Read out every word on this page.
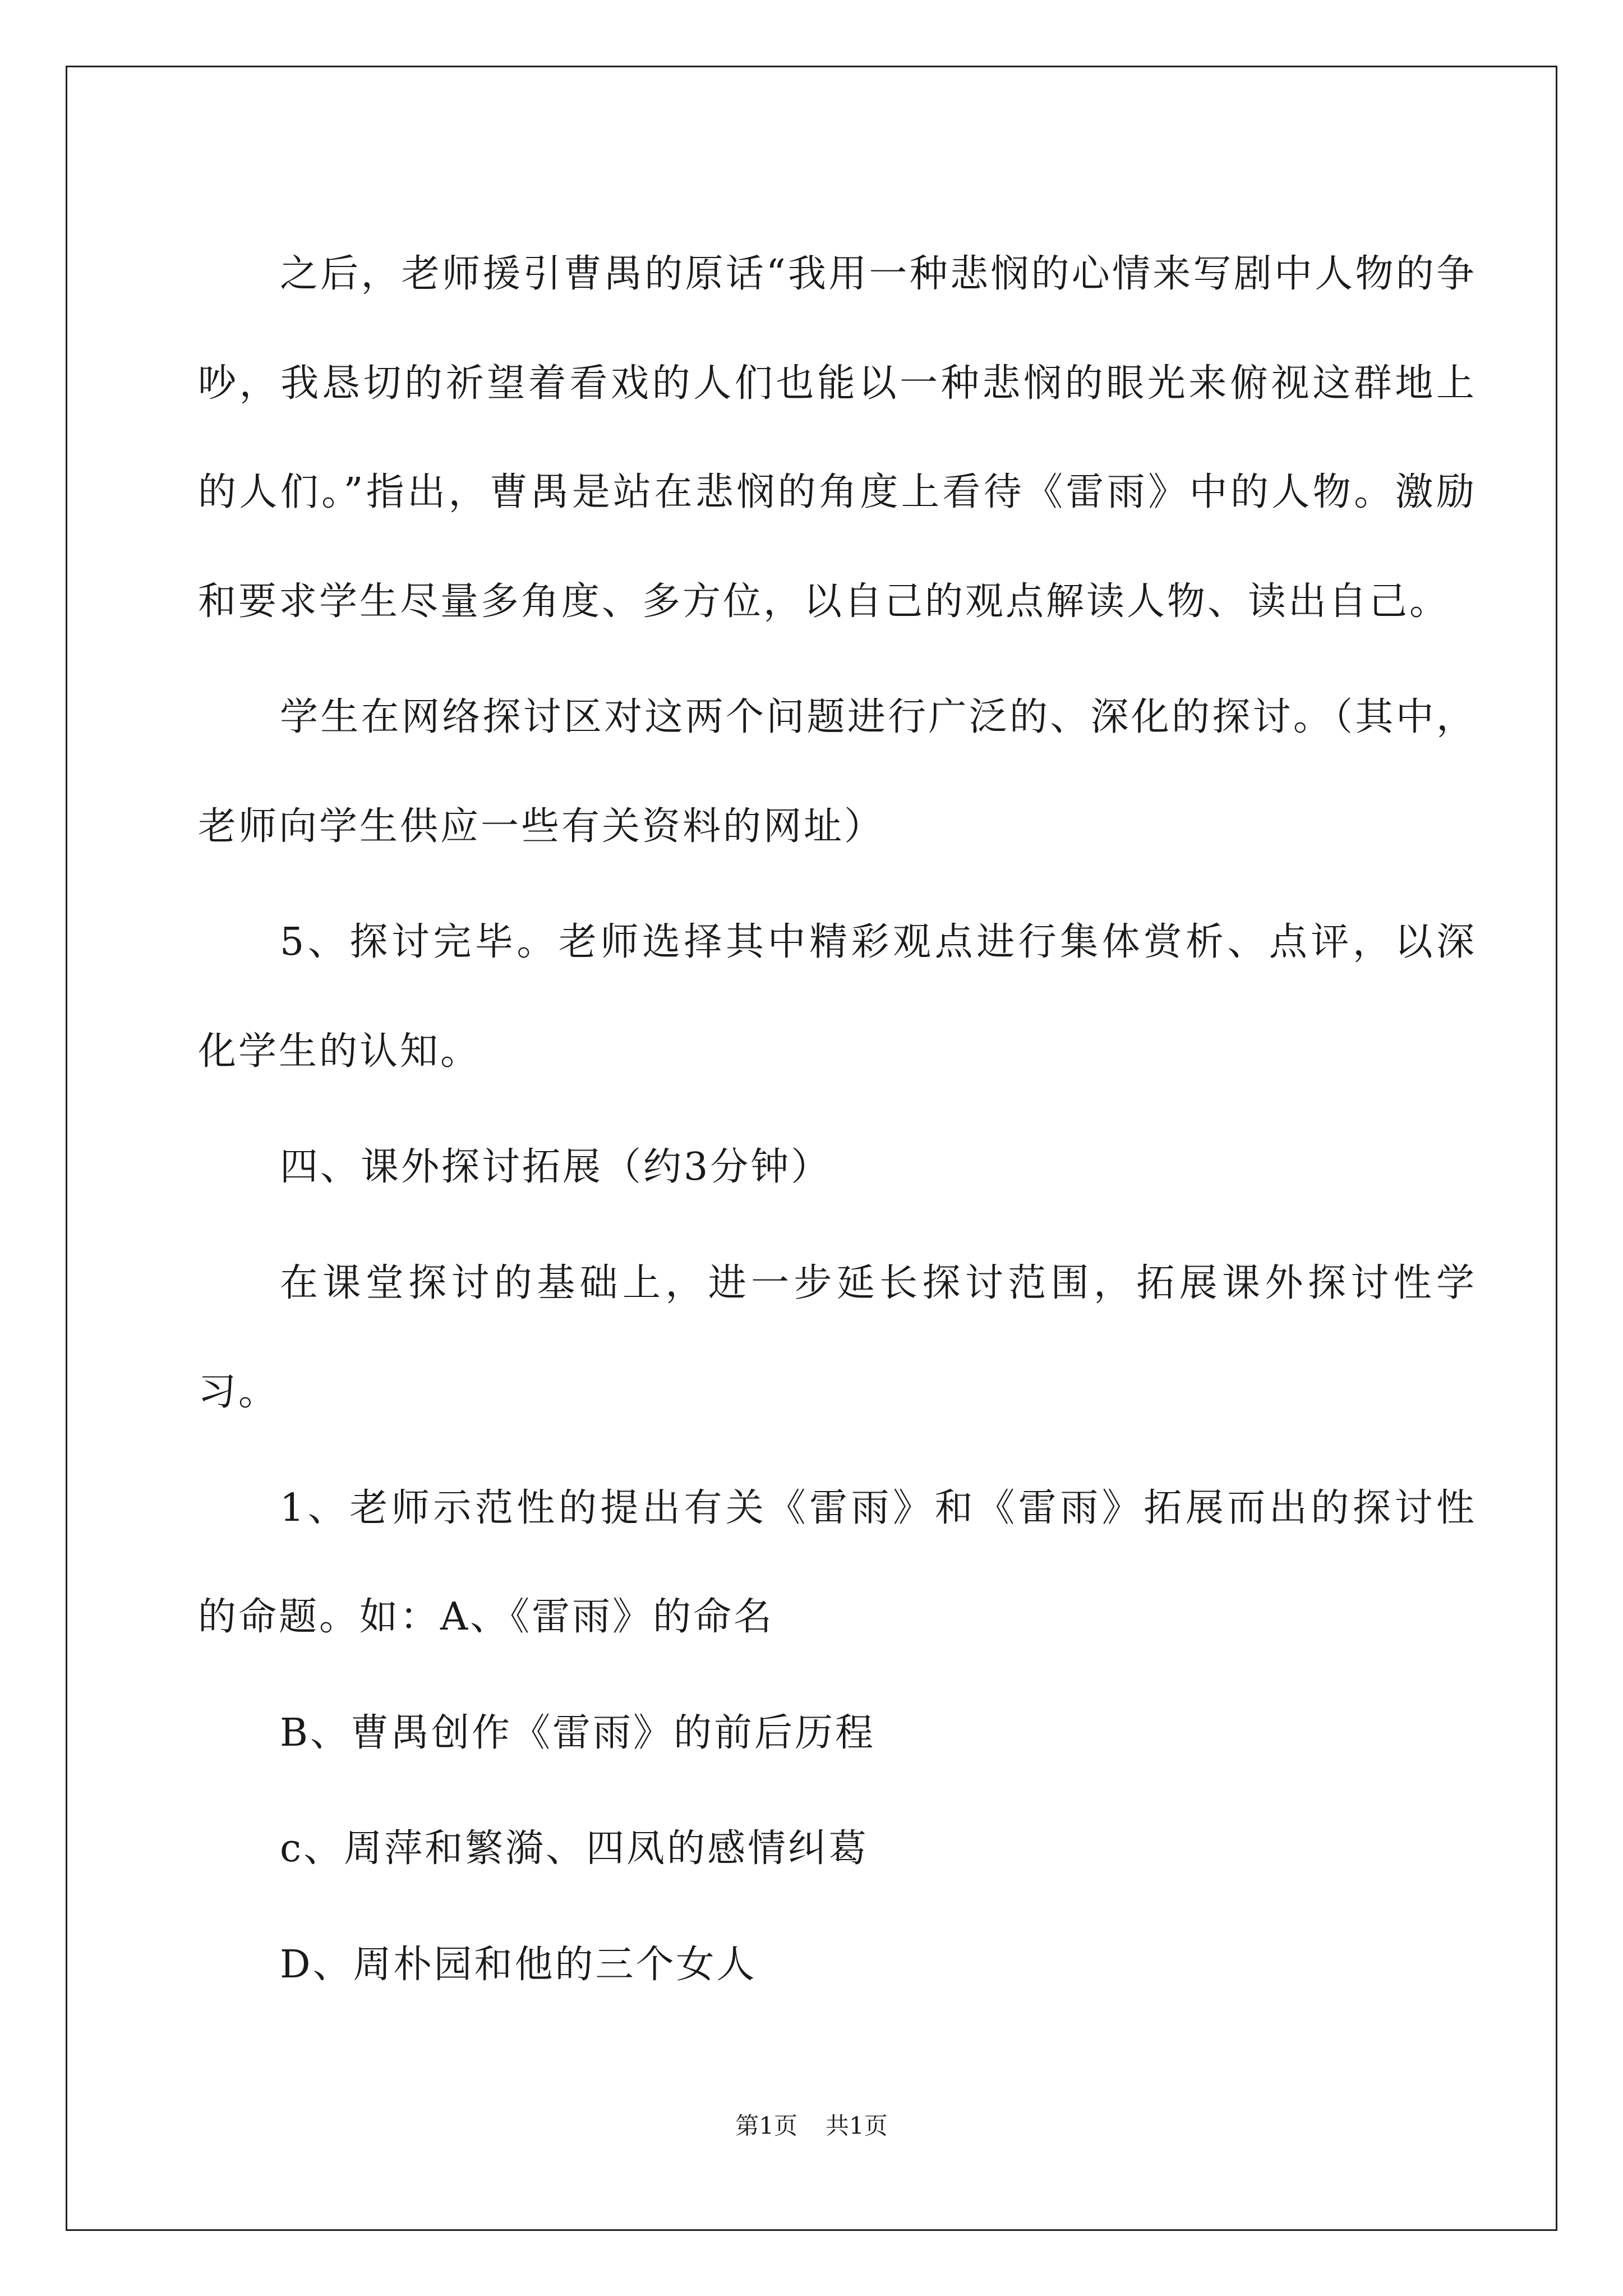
之后，老师援引曹禺的原话“我用一种悲悯的心情来写剧中人物的争吵，我恳切的祈望着看戏的人们也能以一种悲悯的眼光来俯视这群地上的人们。”指出，曹禺是站在悲悯的角度上看待《雷雨》中的人物。激励和要求学生尽量多角度、多方位，以自己的观点解读人物、读出自己。

学生在网络探讨区对这两个问题进行广泛的、深化的探讨。（其中，老师向学生供应一些有关资料的网址）

5、探讨完毕。老师选择其中精彩观点进行集体赏析、点评，以深化学生的认知。

四、课外探讨拓展（约3分钟）

在课堂探讨的基础上，进一步延长探讨范围，拓展课外探讨性学习。

1、老师示范性的提出有关《雷雨》和《雷雨》拓展而出的探讨性的命题。如：A、《雷雨》的命名

B、曹禺创作《雷雨》的前后历程

c、周萍和繁漪、四凤的感情纠葛

D、周朴园和他的三个女人

第1页 共1页
